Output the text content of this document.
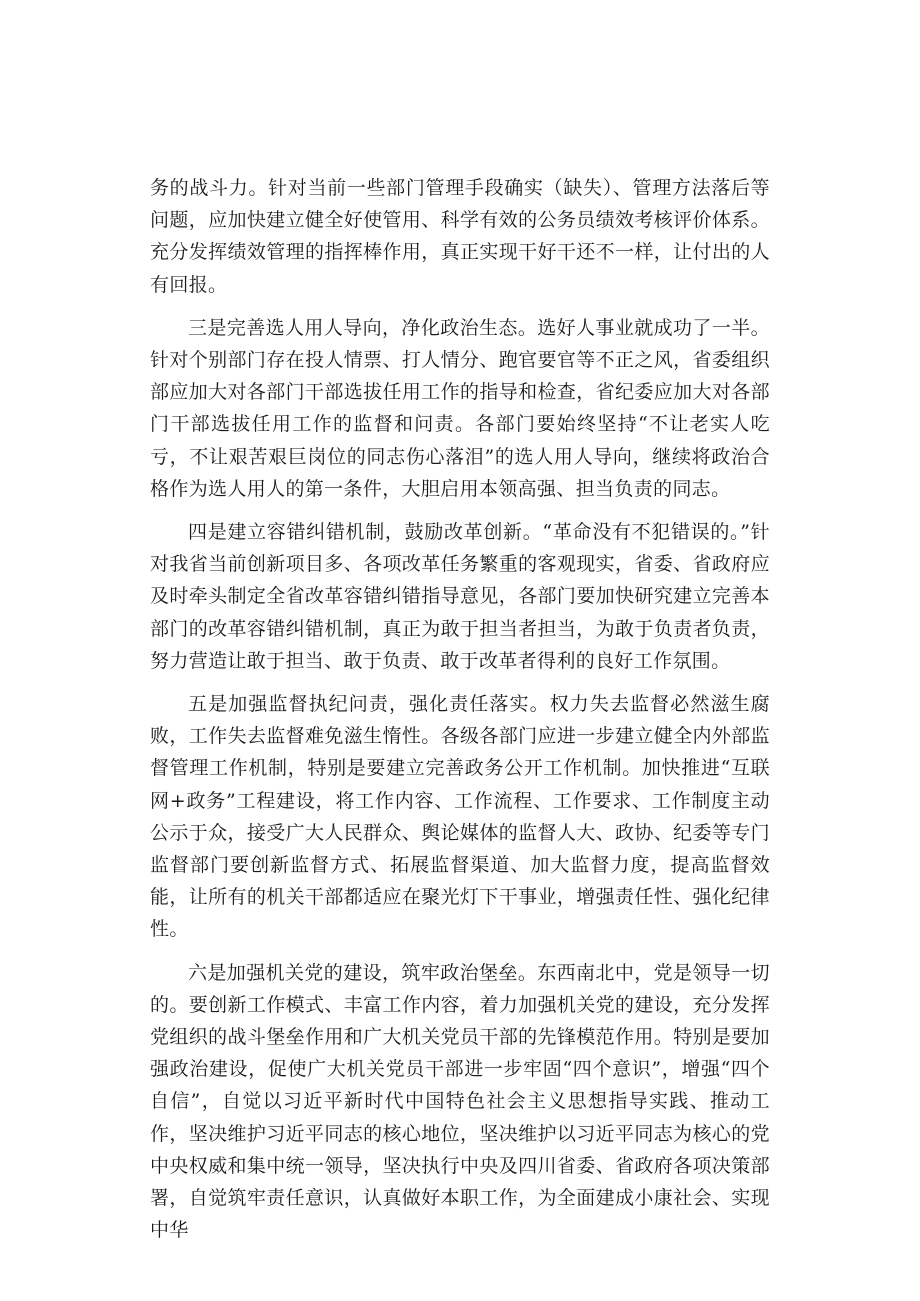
务的战斗力。针对当前一些部门管理手段确实（缺失）、管理方法落后等问题，应加快建立健全好使管用、科学有效的公务员绩效考核评价体系。充分发挥绩效管理的指挥棒作用，真正实现干好干还不一样，让付出的人有回报。

三是完善选人用人导向，净化政治生态。选好人事业就成功了一半。针对个别部门存在投人情票、打人情分、跑官要官等不正之风，省委组织部应加大对各部门干部选拔任用工作的指导和检查，省纪委应加大对各部门干部选拔任用工作的监督和问责。各部门要始终坚持“不让老实人吃亏，不让艰苦艰巨岗位的同志伤心落泪”的选人用人导向，继续将政治合格作为选人用人的第一条件，大胆启用本领高强、担当负责的同志。

四是建立容错纠错机制，鼓励改革创新。“革命没有不犯错误的。”针对我省当前创新项目多、各项改革任务繁重的客观现实，省委、省政府应及时牵头制定全省改革容错纠错指导意见，各部门要加快研究建立完善本部门的改革容错纠错机制，真正为敢于担当者担当，为敢于负责者负责，努力营造让敢于担当、敢于负责、敢于改革者得利的良好工作氛围。

五是加强监督执纪问责，强化责任落实。权力失去监督必然滋生腐败，工作失去监督难免滋生惰性。各级各部门应进一步建立健全内外部监督管理工作机制，特别是要建立完善政务公开工作机制。加快推进“互联网+政务”工程建设，将工作内容、工作流程、工作要求、工作制度主动公示于众，接受广大人民群众、舆论媒体的监督人大、政协、纪委等专门监督部门要创新监督方式、拓展监督渠道、加大监督力度，提高监督效能，让所有的机关干部都适应在聚光灯下干事业，增强责任性、强化纪律性。

六是加强机关党的建设，筑牢政治堡垒。东西南北中，党是领导一切的。要创新工作模式、丰富工作内容，着力加强机关党的建设，充分发挥党组织的战斗堡垒作用和广大机关党员干部的先锋模范作用。特别是要加强政治建设，促使广大机关党员干部进一步牢固“四个意识”，增强“四个自信”，自觉以习近平新时代中国特色社会主义思想指导实践、推动工作，坚决维护习近平同志的核心地位，坚决维护以习近平同志为核心的党中央权威和集中统一领导，坚决执行中央及四川省委、省政府各项决策部署，自觉筑牢责任意识，认真做好本职工作，为全面建成小康社会、实现中华
